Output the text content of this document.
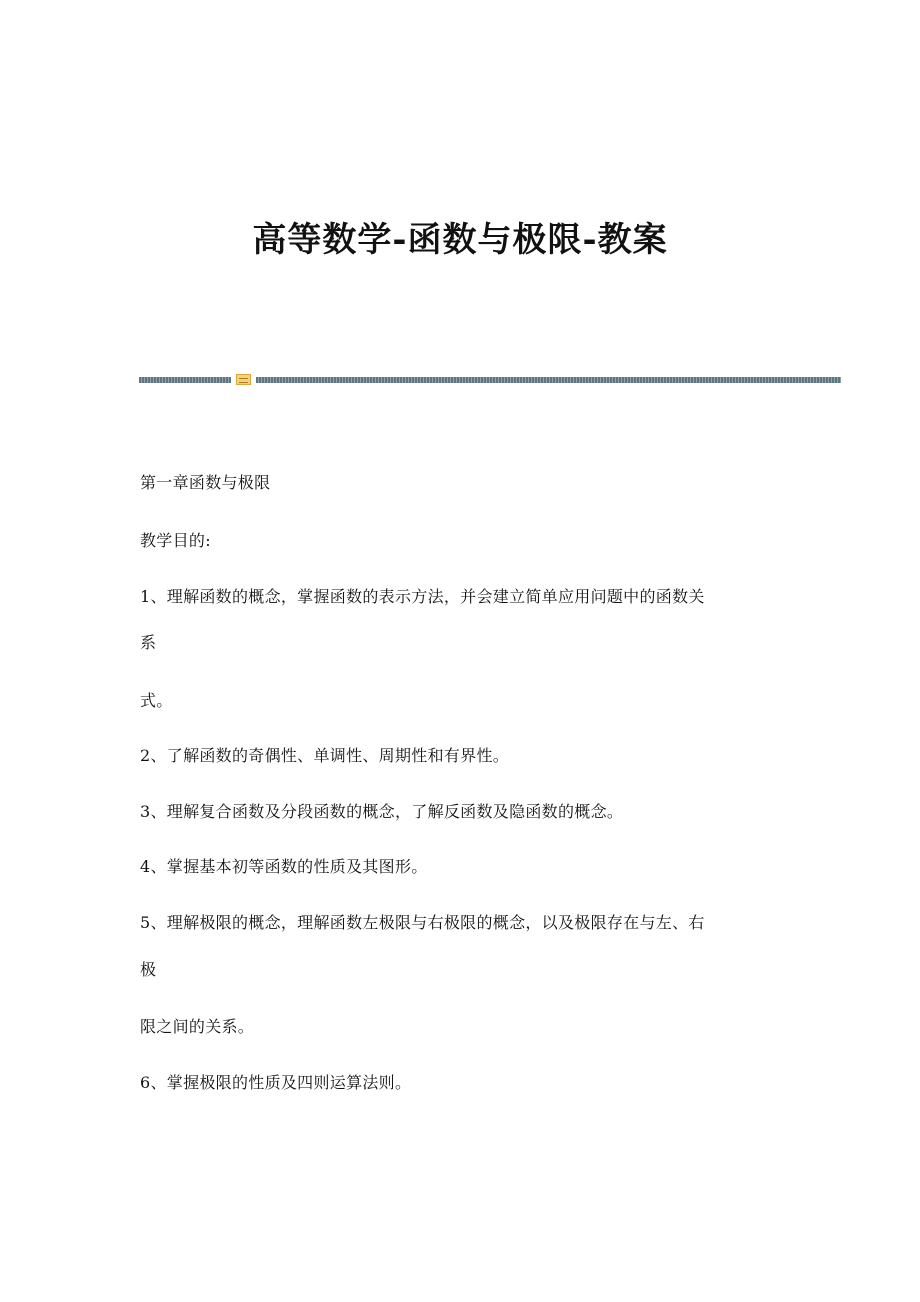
高等数学-函数与极限-教案
第一章函数与极限
教学目的:
1、理解函数的概念，掌握函数的表示方法，并会建立简单应用问题中的函数关
系
式。
2、了解函数的奇偶性、单调性、周期性和有界性。
3、理解复合函数及分段函数的概念，了解反函数及隐函数的概念。
4、掌握基本初等函数的性质及其图形。
5、理解极限的概念，理解函数左极限与右极限的概念，以及极限存在与左、右
极
限之间的关系。
6、掌握极限的性质及四则运算法则。
